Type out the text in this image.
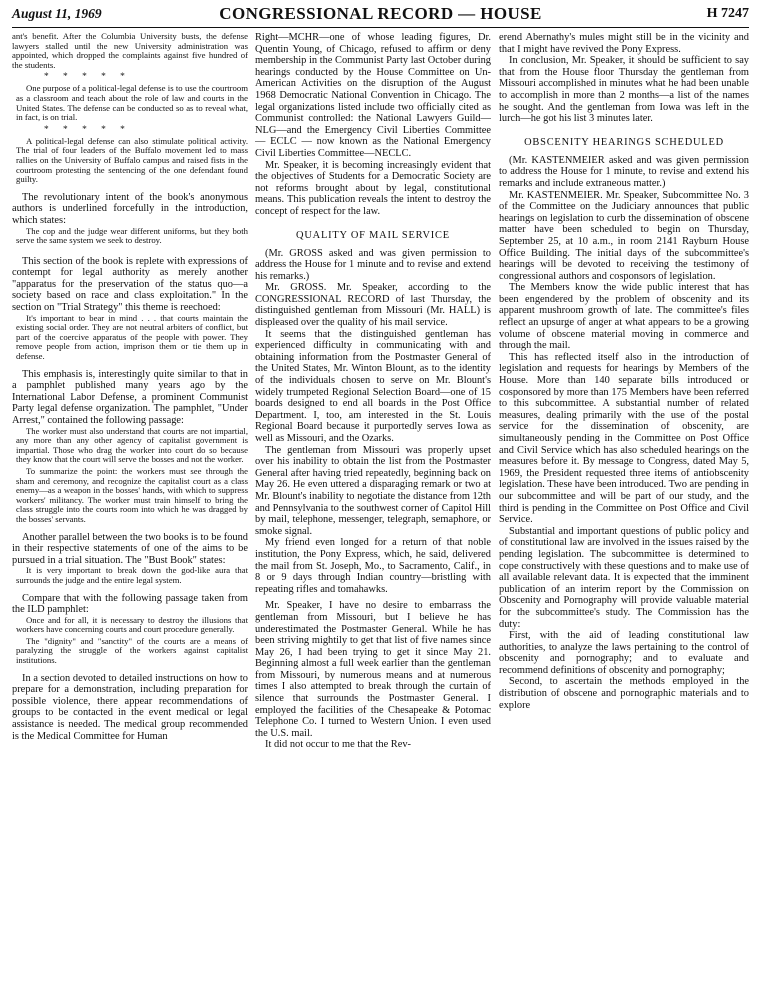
August 11, 1969	CONGRESSIONAL RECORD — HOUSE	H 7247

ant's benefit. After the Columbia University busts, the defense lawyers stalled until the new University administration was appointed, which dropped the complaints against five hundred of the students.

* * * * *

One purpose of a political-legal defense is to use the courtroom as a classroom and teach about the role of law and courts in the United States. The defense can be conducted so as to reveal what, in fact, is on trial.

* * * * *

A political-legal defense can also stimulate political activity. The trial of four leaders of the Buffalo movement led to mass rallies on the University of Buffalo campus and raised fists in the courtroom protesting the sentencing of the one defendant found guilty.

The revolutionary intent of the book's anonymous authors is underlined forcefully in the introduction, which states:

The cop and the judge wear different uniforms, but they both serve the same system we seek to destroy.

This section of the book is replete with expressions of contempt for legal authority as merely another "apparatus for the preservation of the status quo—a society based on race and class exploitation." In the section on "Trial Strategy" this theme is reechoed:

It's important to bear in mind . . . that courts maintain the existing social order. They are not neutral arbiters of conflict, but part of the coercive apparatus of the people with power. They remove people from action, imprison them or tie them up in defense.

This emphasis is, interestingly quite similar to that in a pamphlet published many years ago by the International Labor Defense, a prominent Communist Party legal defense organization. The pamphlet, "Under Arrest," contained the following passage:

The worker must also understand that courts are not impartial, any more than any other agency of capitalist government is impartial. Those who drag the worker into court do so because they know that the court will serve the bosses and not the worker.

To summarize the point: the workers must see through the sham and ceremony, and recognize the capitalist court as a class enemy—as a weapon in the bosses' hands, with which to suppress workers' militancy. The worker must train himself to bring the class struggle into the courts room into which he was dragged by the bosses' servants.

Another parallel between the two books is to be found in their respective statements of one of the aims to be pursued in a trial situation. The "Bust Book" states:

It is very important to break down the god-like aura that surrounds the judge and the entire legal system.

Compare that with the following passage taken from the ILD pamphlet:

Once and for all, it is necessary to destroy the illusions that workers have concerning courts and court procedure generally.

The "dignity" and "sanctity" of the courts are a means of paralyzing the struggle of the workers against capitalist institutions.

In a section devoted to detailed instructions on how to prepare for a demonstration, including preparation for possible violence, there appear recommendations of groups to be contacted in the event medical or legal assistance is needed. The medical group recommended is the Medical Committee for Human

Right—MCHR—one of whose leading figures, Dr. Quentin Young, of Chicago, refused to affirm or deny membership in the Communist Party last October during hearings conducted by the House Committee on Un-American Activities on the disruption of the August 1968 Democratic National Convention in Chicago. The legal organizations listed include two officially cited as Communist controlled: the National Lawyers Guild—NLG—and the Emergency Civil Liberties Committee — ECLC — now known as the National Emergency Civil Liberties Committee—NECLC.

Mr. Speaker, it is becoming increasingly evident that the objectives of Students for a Democratic Society are not reforms brought about by legal, constitutional means. This publication reveals the intent to destroy the concept of respect for the law.

QUALITY OF MAIL SERVICE

(Mr. GROSS asked and was given permission to address the House for 1 minute and to revise and extend his remarks.)

Mr. GROSS. Mr. Speaker, according to the CONGRESSIONAL RECORD of last Thursday, the distinguished gentleman from Missouri (Mr. HALL) is displeased over the quality of his mail service.

It seems that the distinguished gentleman has experienced difficulty in communicating with and obtaining information from the Postmaster General of the United States, Mr. Winton Blount, as to the identity of the individuals chosen to serve on Mr. Blount's widely trumpeted Regional Selection Board—one of 15 boards designed to end all boards in the Post Office Department. I, too, am interested in the St. Louis Regional Board because it purportedly serves Iowa as well as Missouri, and the Ozarks.

The gentleman from Missouri was properly upset over his inability to obtain the list from the Postmaster General after having tried repeatedly, beginning back on May 26. He even uttered a disparaging remark or two at Mr. Blount's inability to negotiate the distance from 12th and Pennsylvania to the southwest corner of Capitol Hill by mail, telephone, messenger, telegraph, semaphore, or smoke signal.

My friend even longed for a return of that noble institution, the Pony Express, which, he said, delivered the mail from St. Joseph, Mo., to Sacramento, Calif., in 8 or 9 days through Indian country—bristling with repeating rifles and tomahawks.

Mr. Speaker, I have no desire to embarrass the gentleman from Missouri, but I believe he has underestimated the Postmaster General. While he has been striving mightily to get that list of five names since May 26, I had been trying to get it since May 21. Beginning almost a full week earlier than the gentleman from Missouri, by numerous means and at numerous times I also attempted to break through the curtain of silence that surrounds the Postmaster General. I employed the facilities of the Chesapeake & Potomac Telephone Co. I turned to Western Union. I even used the U.S. mail.

It did not occur to me that the Rev-

erend Abernathy's mules might still be in the vicinity and that I might have revived the Pony Express.

In conclusion, Mr. Speaker, it should be sufficient to say that from the House floor Thursday the gentleman from Missouri accomplished in minutes what he had been unable to accomplish in more than 2 months—a list of the names he sought. And the gentleman from Iowa was left in the lurch—he got his list 3 minutes later.

OBSCENITY HEARINGS SCHEDULED

(Mr. KASTENMEIER asked and was given permission to address the House for 1 minute, to revise and extend his remarks and include extraneous matter.)

Mr. KASTENMEIER. Mr. Speaker, Subcommittee No. 3 of the Committee on the Judiciary announces that public hearings on legislation to curb the dissemination of obscene matter have been scheduled to begin on Thursday, September 25, at 10 a.m., in room 2141 Rayburn House Office Building. The initial days of the subcommittee's hearings will be devoted to receiving the testimony of congressional authors and cosponsors of legislation.

The Members know the wide public interest that has been engendered by the problem of obscenity and its apparent mushroom growth of late. The committee's files reflect an upsurge of anger at what appears to be a growing volume of obscene material moving in commerce and through the mail.

This has reflected itself also in the introduction of legislation and requests for hearings by Members of the House. More than 140 separate bills introduced or cosponsored by more than 175 Members have been referred to this subcommittee. A substantial number of related measures, dealing primarily with the use of the postal service for the dissemination of obscenity, are simultaneously pending in the Committee on Post Office and Civil Service which has also scheduled hearings on the measures before it. By message to Congress, dated May 5, 1969, the President requested three items of antiobscenity legislation. These have been introduced. Two are pending in our subcommittee and will be part of our study, and the third is pending in the Committee on Post Office and Civil Service.

Substantial and important questions of public policy and of constitutional law are involved in the issues raised by the pending legislation. The subcommittee is determined to cope constructively with these questions and to make use of all available relevant data. It is expected that the imminent publication of an interim report by the Commission on Obscenity and Pornography will provide valuable material for the subcommittee's study. The Commission has the duty:

First, with the aid of leading constitutional law authorities, to analyze the laws pertaining to the control of obscenity and pornography; and to evaluate and recommend definitions of obscenity and pornography;

Second, to ascertain the methods employed in the distribution of obscene and pornographic materials and to explore
